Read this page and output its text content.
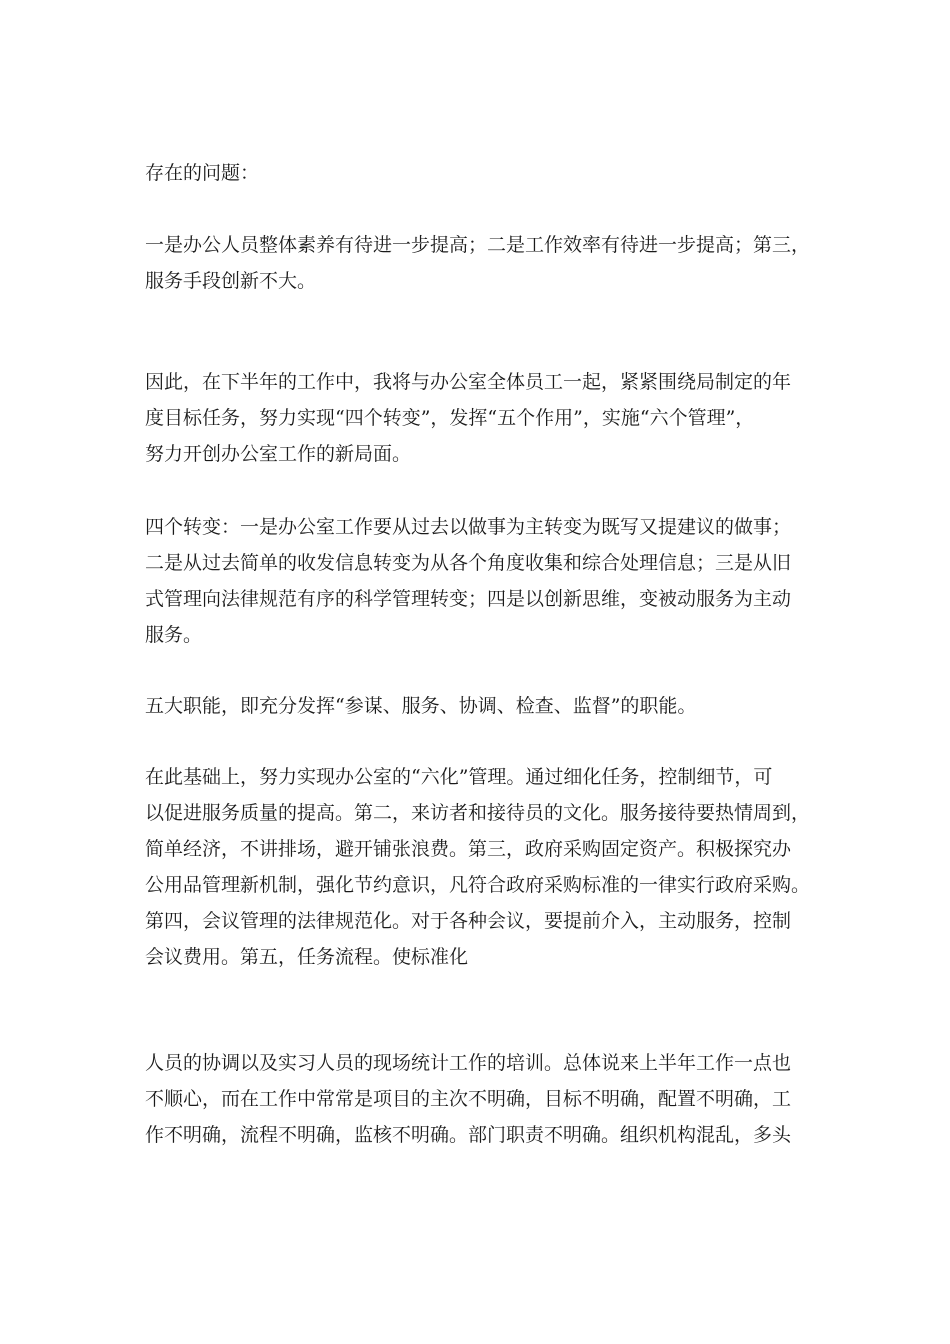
存在的问题：

一是办公人员整体素养有待进一步提高；二是工作效率有待进一步提高；第三，
服务手段创新不大。

因此，在下半年的工作中，我将与办公室全体员工一起，紧紧围绕局制定的年
度目标任务，努力实现“四个转变”，发挥“五个作用”，实施“六个管理”，
努力开创办公室工作的新局面。

四个转变：一是办公室工作要从过去以做事为主转变为既写又提建议的做事；
二是从过去简单的收发信息转变为从各个角度收集和综合处理信息；三是从旧
式管理向法律规范有序的科学管理转变；四是以创新思维，变被动服务为主动
服务。

五大职能，即充分发挥“参谋、服务、协调、检查、监督”的职能。

在此基础上，努力实现办公室的“六化”管理。通过细化任务，控制细节，可
以促进服务质量的提高。第二，来访者和接待员的文化。服务接待要热情周到，
简单经济，不讲排场，避开铺张浪费。第三，政府采购固定资产。积极探究办
公用品管理新机制，强化节约意识，凡符合政府采购标准的一律实行政府采购。
第四，会议管理的法律规范化。对于各种会议，要提前介入，主动服务，控制
会议费用。第五，任务流程。使标准化

人员的协调以及实习人员的现场统计工作的培训。总体说来上半年工作一点也
不顺心，而在工作中常常是项目的主次不明确，目标不明确，配置不明确，工
作不明确，流程不明确，监核不明确。部门职责不明确。组织机构混乱，多头
